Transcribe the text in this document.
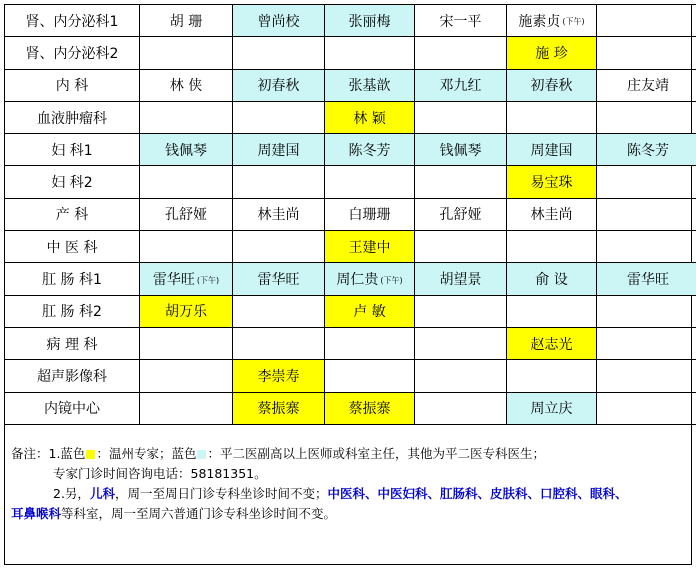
肾、内分泌科1	胡 珊	曾尚校	张丽梅	宋一平	施素贞 (下午)	
肾、内分泌科2					施 珍	
内 科	林 侠	初春秋	张基歆	邓九红	初春秋	庄友靖
血液肿瘤科			林 颖			
妇 科1	钱佩琴	周建国	陈冬芳	钱佩琴	周建国	陈冬芳
妇 科2					易宝珠	
产 科	孔舒娅	林圭尚	白珊珊	孔舒娅	林圭尚	
中 医 科			王建中			
肛 肠 科1	雷华旺 (下午)	雷华旺	周仁贵 (下午)	胡望景	俞 设	雷华旺
肛 肠 科2	胡万乐		卢 敏			
病 理 科					赵志光	
超声影像科		李崇寿				
内镜中心		蔡振寨	蔡振寨		周立庆	
备注：1.蓝色 ：温州专家；蓝色 ：平二医副高以上医师或科室主任，其他为平二医专科医生；
专家门诊时间咨询电话：58181351。
2.另，儿科，周一至周日门诊专科坐诊时间不变；中医科、中医妇科、肛肠科、皮肤科、口腔科、眼科、
耳鼻喉科等科室，周一至周六普通门诊专科坐诊时间不变。
